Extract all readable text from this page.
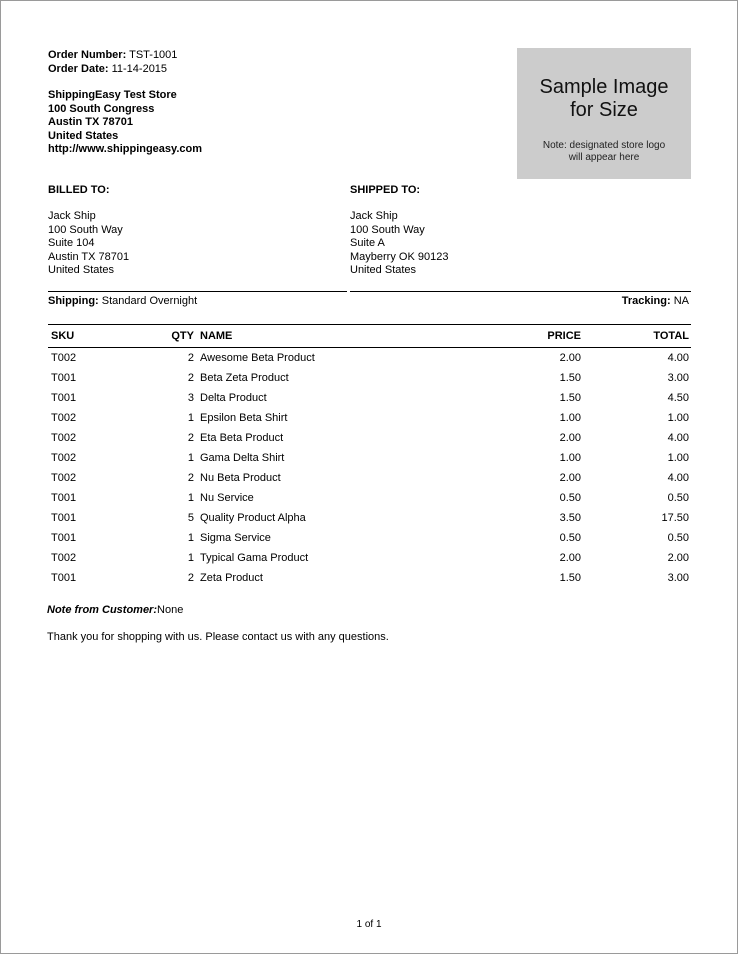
Order Number: TST-1001
Order Date: 11-14-2015
ShippingEasy Test Store
100 South Congress
Austin TX 78701
United States
http://www.shippingeasy.com
Sample Image
for Size
Note: designated store logo
will appear here
BILLED TO:
Jack Ship
100 South Way
Suite 104
Austin TX 78701
United States
SHIPPED TO:
Jack Ship
100 South Way
Suite A
Mayberry OK 90123
United States
Shipping: Standard Overnight	Tracking: NA
SKU	QTY NAME	PRICE	TOTAL
T002	2 Awesome Beta Product	2.00	4.00
T001	2 Beta Zeta Product	1.50	3.00
T001	3 Delta Product	1.50	4.50
T002	1 Epsilon Beta Shirt	1.00	1.00
T002	2 Eta Beta Product	2.00	4.00
T002	1 Gama Delta Shirt	1.00	1.00
T002	2 Nu Beta Product	2.00	4.00
T001	1 Nu Service	0.50	0.50
T001	5 Quality Product Alpha	3.50	17.50
T001	1 Sigma Service	0.50	0.50
T002	1 Typical Gama Product	2.00	2.00
T001	2 Zeta Product	1.50	3.00
Note from Customer:None
Thank you for shopping with us. Please contact us with any questions.
1 of 1
